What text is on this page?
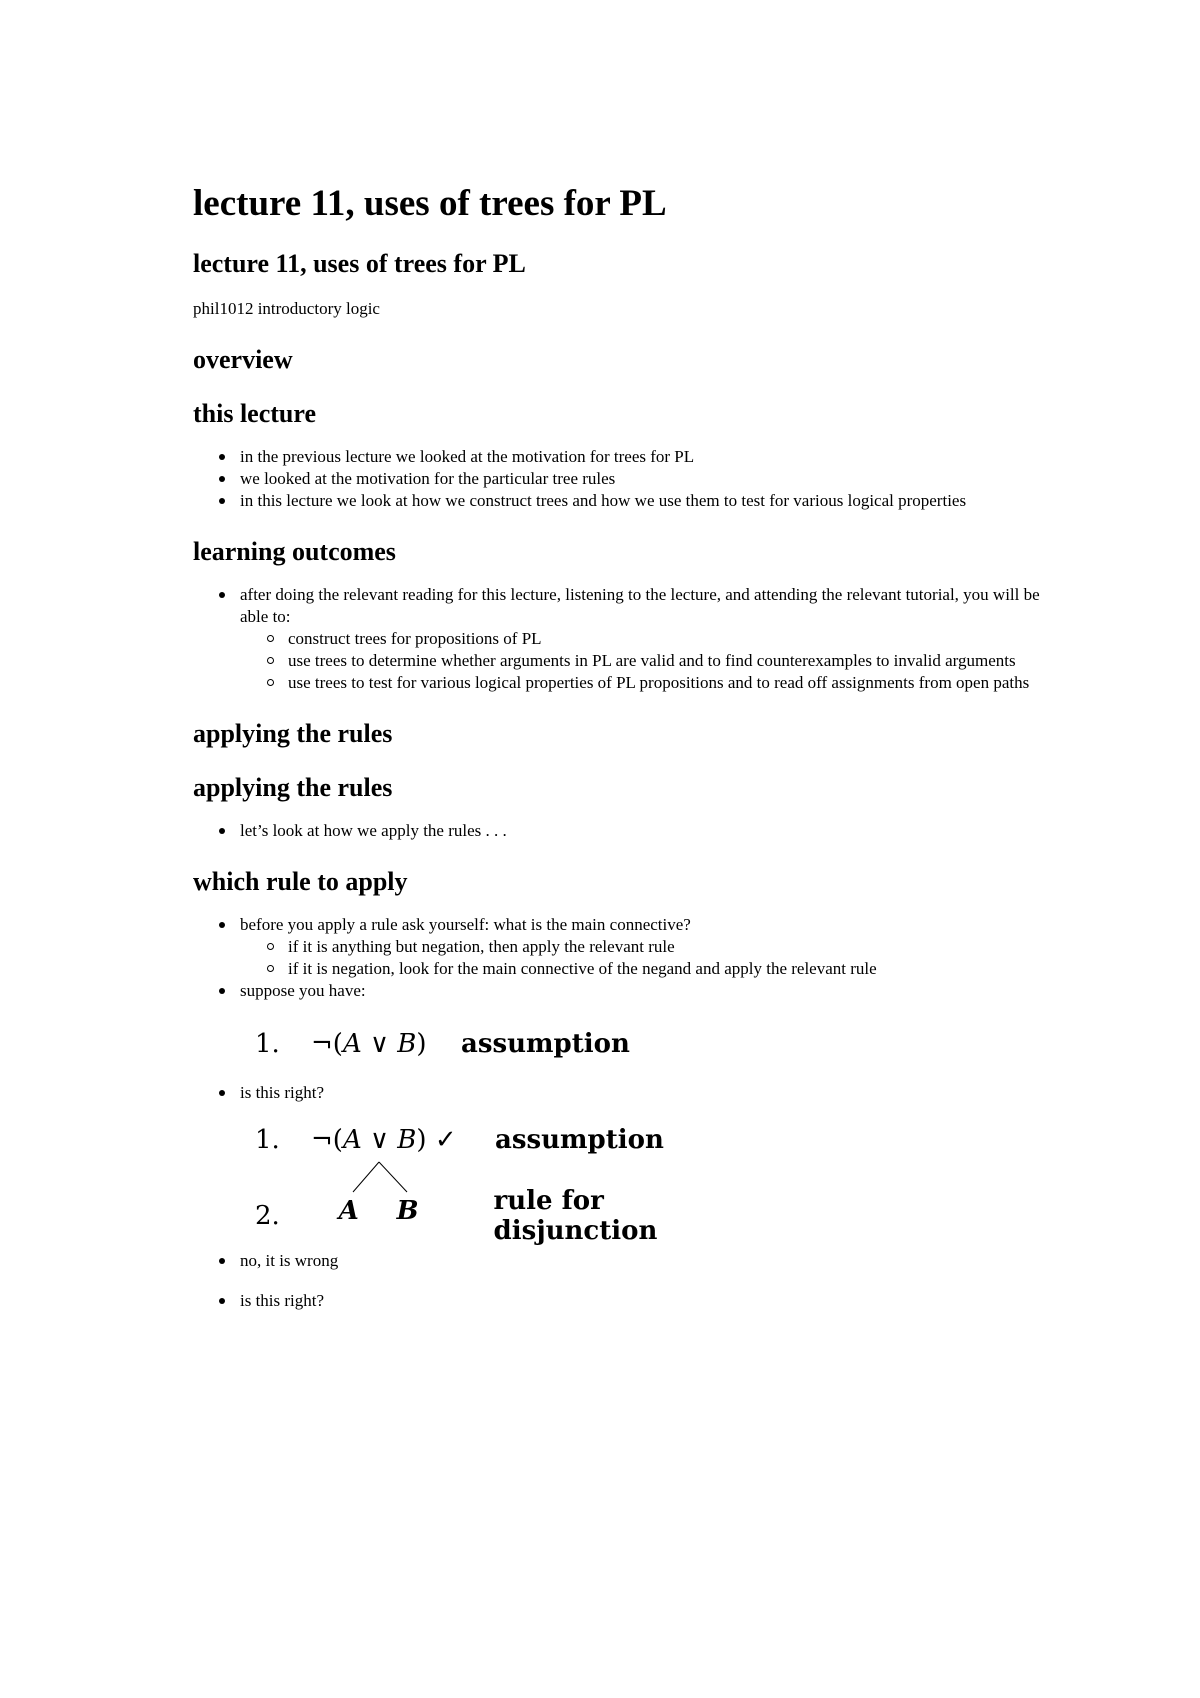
lecture 11, uses of trees for PL
lecture 11, uses of trees for PL

phil1012 introductory logic

overview
this lecture
in the previous lecture we looked at the motivation for trees for PL
we looked at the motivation for the particular tree rules
in this lecture we look at how we construct trees and how we use them to test for various logical properties
learning outcomes
after doing the relevant reading for this lecture, listening to the lecture, and attending the relevant tutorial, you will be able to:
construct trees for propositions of PL
use trees to determine whether arguments in PL are valid and to find counterexamples to invalid arguments
use trees to test for various logical properties of PL propositions and to read off assignments from open paths
applying the rules
applying the rules
let’s look at how we apply the rules . . .
which rule to apply
before you apply a rule ask yourself: what is the main connective?
if it is anything but negation, then apply the relevant rule
if it is negation, look for the main connective of the negand and apply the relevant rule
suppose you have:
1.	¬(A ∨ B)	assumption
is this right?
1.	¬(A ∨ B) ✓	assumption
2.	A B	rule for disjunction
no, it is wrong
is this right?
